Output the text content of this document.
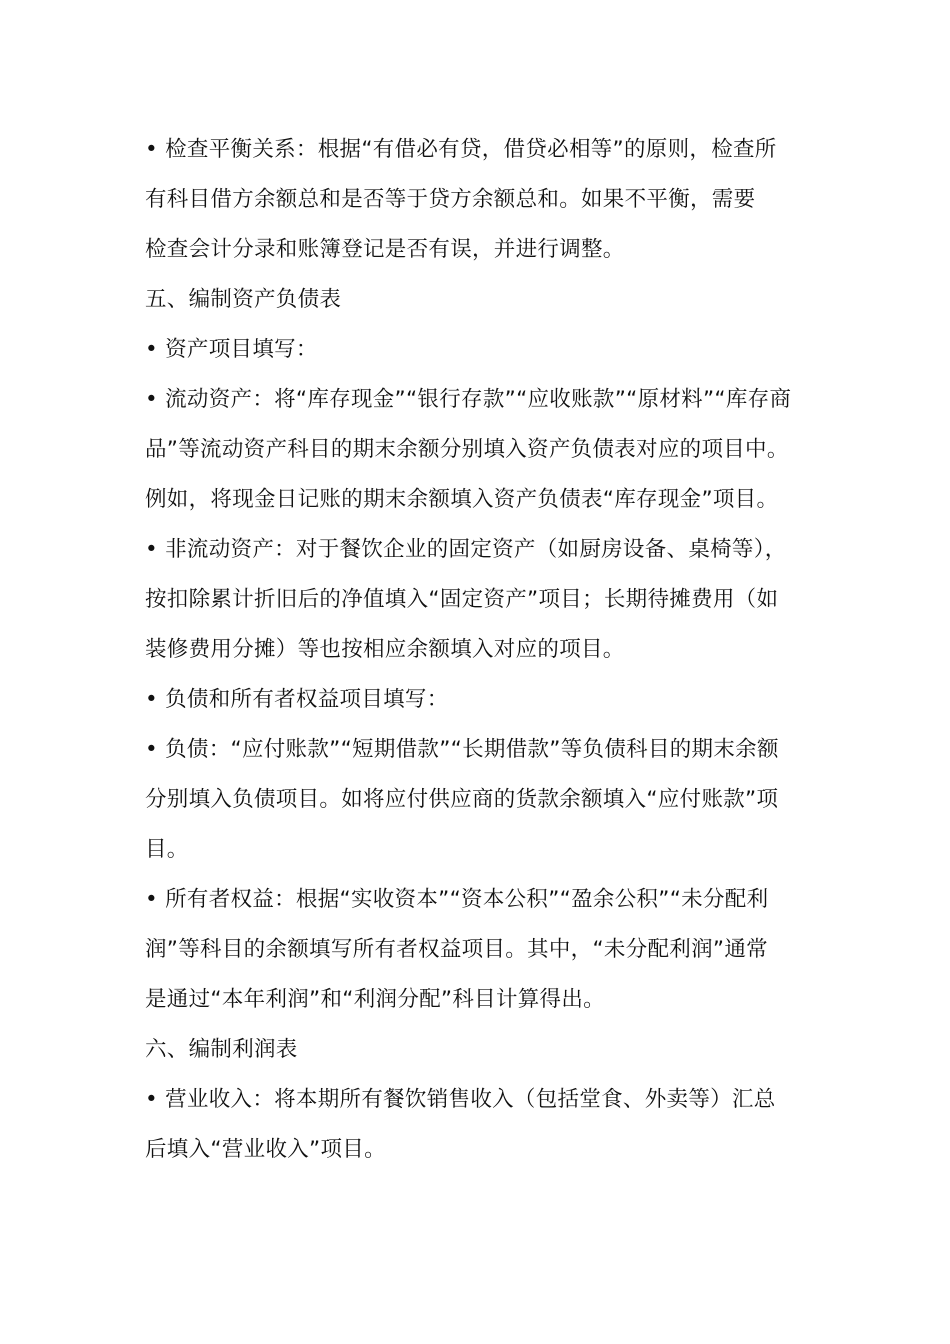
• 检查平衡关系：根据“有借必有贷，借贷必相等”的原则，检查所
有科目借方余额总和是否等于贷方余额总和。如果不平衡，需要
检查会计分录和账簿登记是否有误，并进行调整。
五、编制资产负债表
• 资产项目填写：
• 流动资产：将“库存现金”“银行存款”“应收账款”“原材料”“库存商
品”等流动资产科目的期末余额分别填入资产负债表对应的项目中。
例如，将现金日记账的期末余额填入资产负债表“库存现金”项目。
• 非流动资产：对于餐饮企业的固定资产（如厨房设备、桌椅等），
按扣除累计折旧后的净值填入“固定资产”项目；长期待摊费用（如
装修费用分摊）等也按相应余额填入对应的项目。
• 负债和所有者权益项目填写：
• 负债：“应付账款”“短期借款”“长期借款”等负债科目的期末余额
分别填入负债项目。如将应付供应商的货款余额填入“应付账款”项
目。
• 所有者权益：根据“实收资本”“资本公积”“盈余公积”“未分配利
润”等科目的余额填写所有者权益项目。其中，“未分配利润”通常
是通过“本年利润”和“利润分配”科目计算得出。
六、编制利润表
• 营业收入：将本期所有餐饮销售收入（包括堂食、外卖等）汇总
后填入“营业收入”项目。
